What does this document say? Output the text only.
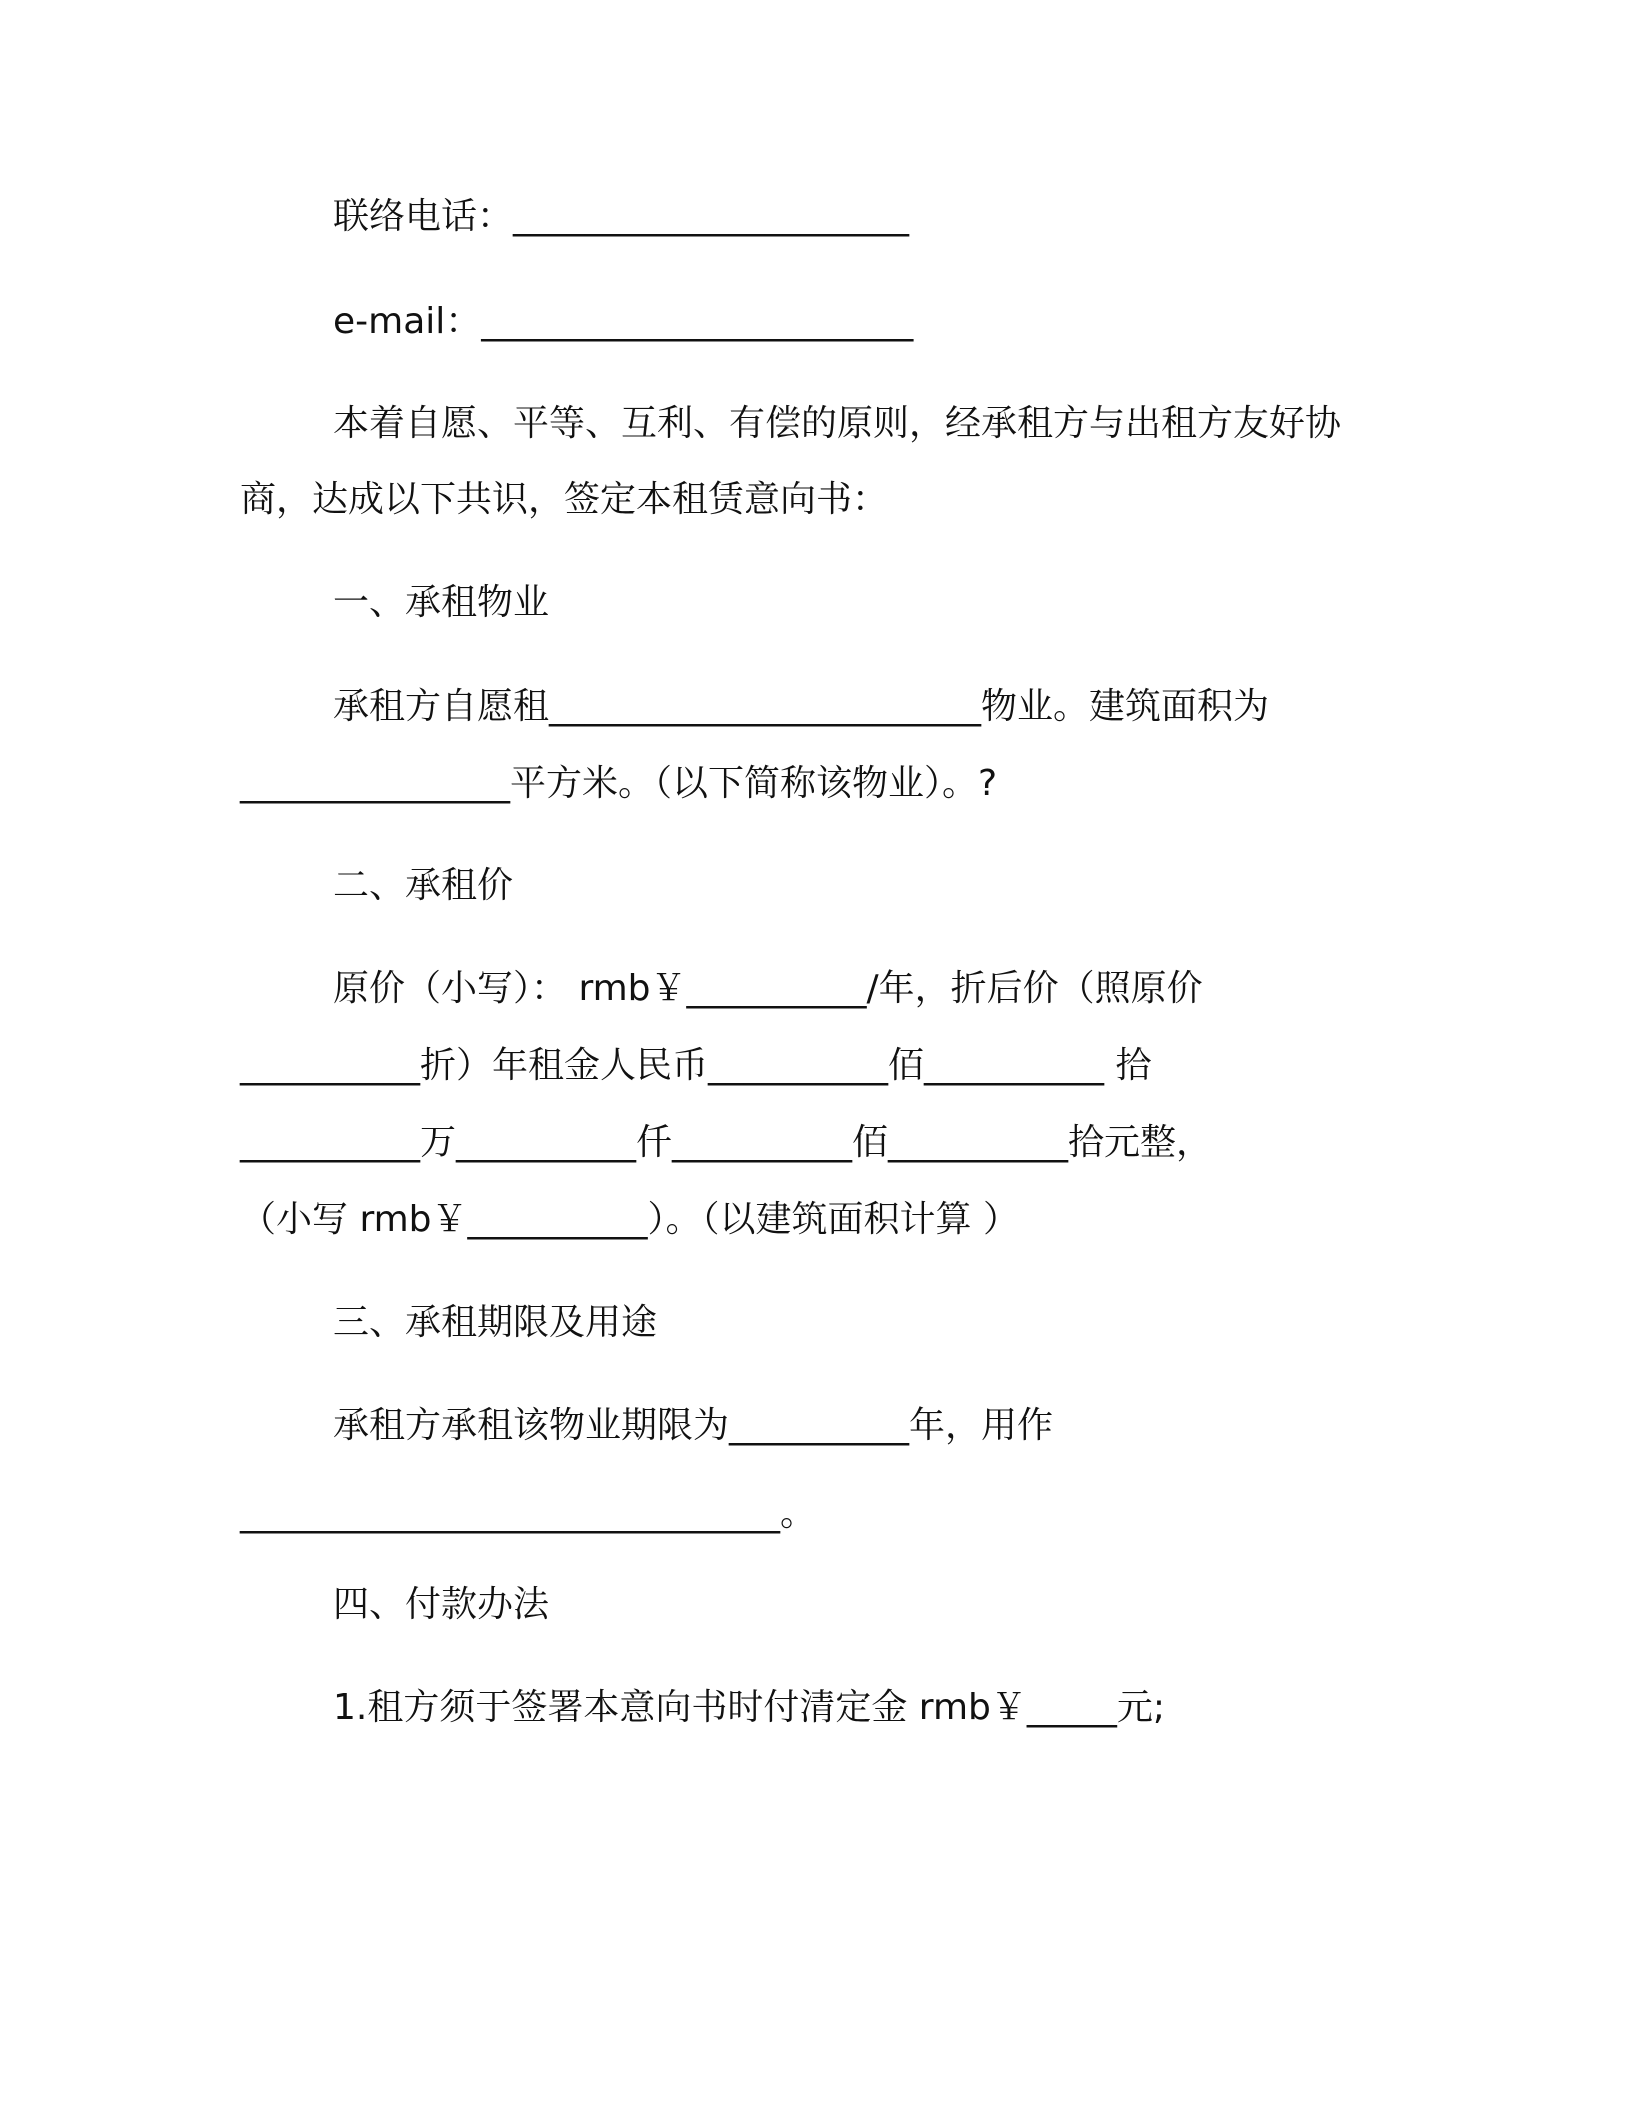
联络电话：______________________
e-mail：________________________
本着自愿、平等、互利、有偿的原则，经承租方与出租方友好协
商，达成以下共识，签定本租赁意向书：
一、承租物业
承租方自愿租________________________物业。建筑面积为
_______________平方米。（以下简称该物业）。?
二、承租价
原价（小写）： rmb￥__________/年，折后价（照原价
__________折）年租金人民币__________佰__________ 拾
__________万__________仟__________佰__________拾元整，
（小写 rmb￥__________）。（以建筑面积计算 ）
三、承租期限及用途
承租方承租该物业期限为__________年，用作
______________________________。
四、付款办法
1.租方须于签署本意向书时付清定金 rmb￥_____元;
